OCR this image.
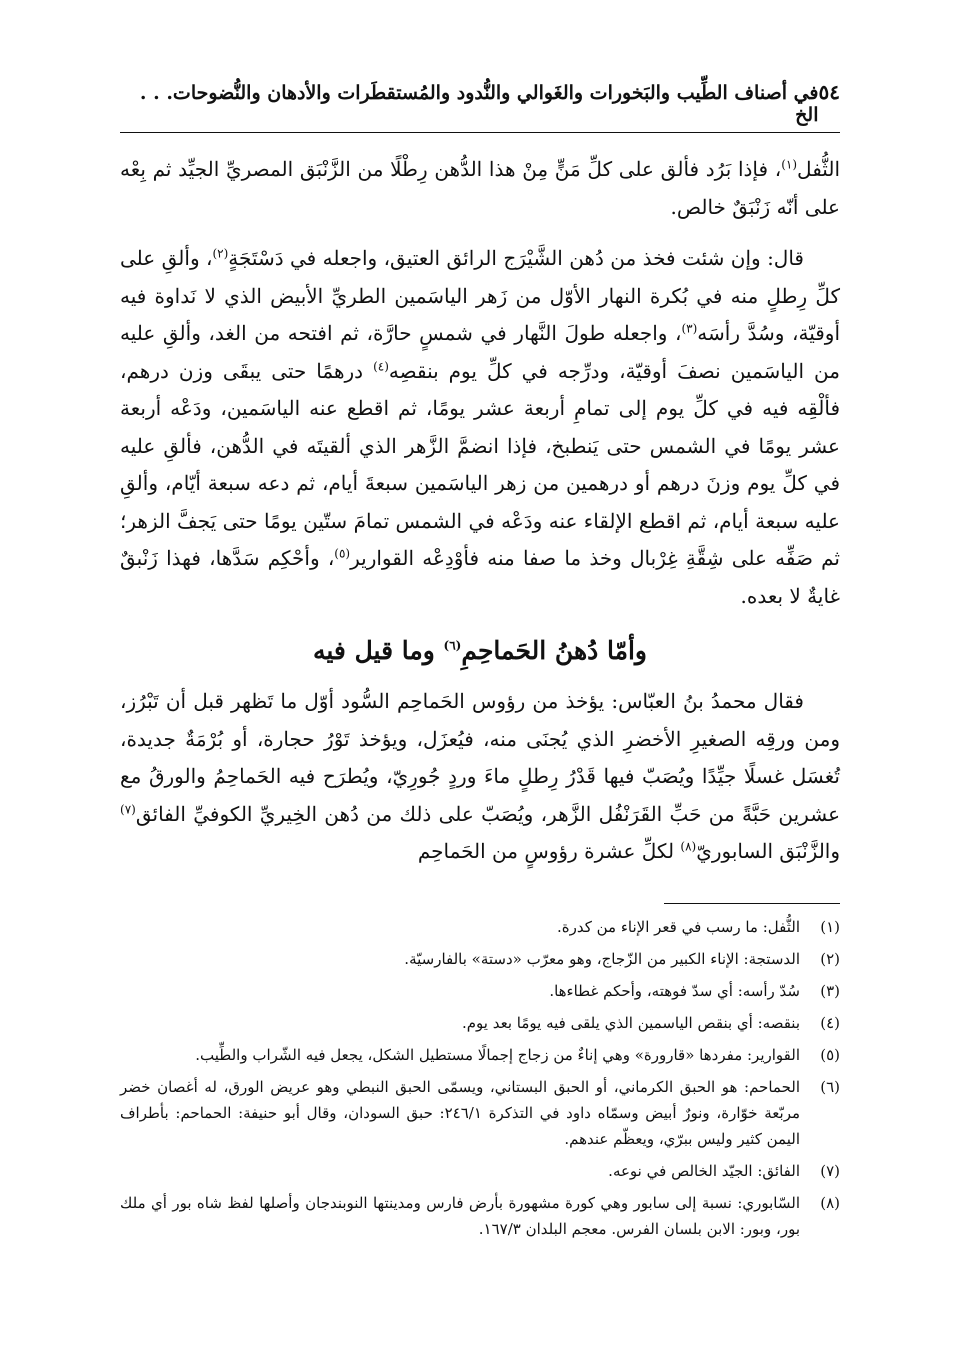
٥٤
في أصناف الطِّيب والبَخورات والغَوالي والنُّدود والمُستقطَرات والأدهان والنُّضوحات. . . الخ

الثُّفل$^{(١)}$، فإذا بَرُد فألق على كلِّ مَنٍّ مِنْ هذا الدُّهن رِطْلًا من الزَّنْبَق المصريِّ الجيِّد ثم بِعْه على أنّه زَنْبَقٌ خالص.

قال: وإن شئت فخذ من دُهن الشَّيْرَج الرائق العتيق، واجعله في دَسْتَجَةٍ$^{(٢)}$، وألقِ على كلِّ رِطلٍ منه في بُكرة النهار الأوّل من زَهر الياسَمين الطريِّ الأبيض الذي لا نَداوة فيه أوقيّة، وسُدَّ رأسَه$^{(٣)}$، واجعله طولَ النَّهار في شمسٍ حارَّة، ثم افتحه من الغد، وألقِ عليه من الياسَمين نصفَ أوقيّة، ودرِّجه في كلِّ يوم بنقصِه$^{(٤)}$ درهمًا حتى يبقَى وزن درهم، فألْقِه فيه في كلِّ يوم إلى تمامِ أربعة عشر يومًا، ثم اقطع عنه الياسَمين، ودَعْه أربعة عشر يومًا في الشمس حتى يَنطبخ، فإذا انضمَّ الزَّهر الذي ألقيتَه في الدُّهن، فألقِ عليه في كلِّ يوم وزنَ درهم أو درهمين من زهر الياسَمين سبعةَ أيام، ثم دعه سبعة أيّام، وألقِ عليه سبعة أيام، ثم اقطع الإلقاء عنه ودَعْه في الشمس تمامَ ستّين يومًا حتى يَجفَّ الزهر؛ ثم صَفِّه على شِقَّةِ غِرْبال وخذ ما صفا منه فأوْدِعْه القوارير$^{(٥)}$، وأحْكِم سَدَّها، فهذا زَنْبقٌ غايةٌ لا بعده.

وأمّا دُهنُ الحَماحِمِ$^{(٦)}$ وما قيل فيه

فقال محمدُ بنُ العبّاس: يؤخذ من رؤوس الحَماحِم السُّود أوّل ما تَظهر قبل أن تَبْرُز، ومن ورقِه الصغيرِ الأخضرِ الذي يُجنَى منه، فيُعزَل، ويؤخذ تَوْرُ حجارة، أو بُرْمَةٌ جديدة، تُغسَل غسلًا جيِّدًا ويُصَبّ فيها قَدْرُ رِطلٍ ماءَ وردٍ جُورِيّ، ويُطرَح فيه الحَماحِمُ والورقُ مع عشرين حَبَّةً من حَبِّ القَرَنْفُل الزَّهر، ويُصَبّ على ذلك من دُهن الخِيريِّ الكوفيِّ الفائق$^{(٧)}$ والزَّنْبَق السابوريّ$^{(٨)}$ لكلِّ عشرة رؤوسٍ من الحَماحِم

(١)
الثُّفل: ما رسب في قعر الإناء من كدرة.
(٢)
الدستجة: الإناء الكبير من الزّجاج، وهو معرّب «دستة» بالفارسيّة.
(٣)
سُدّ رأسه: أي سدّ فوهته، وأحكم غطاءها.
(٤)
بنقصه: أي بنقص الياسمين الذي يلقى فيه يومًا بعد يوم.
(٥)
القوارير: مفردها «قارورة» وهي إناءٌ من زجاج إجمالًا مستطيل الشكل، يجعل فيه الشّراب والطِّيب.
(٦)
الحماحم: هو الحبق الكرماني، أو الحبق البستاني، ويسمّى الحبق النبطي وهو عريض الورق، له أغصان خضر مربّعة خوّارة، ونورٌ أبيض وسمّاه داود في التذكرة ٢٤٦/١: حبق السودان، وقال أبو حنيفة: الحماحم: بأطراف اليمن كثير وليس ببرّي، ويعظّم عندهم.
(٧)
الفائق: الجيّد الخالص في نوعه.
(٨)
السّابوري: نسبة إلى سابور وهي كورة مشهورة بأرض فارس ومدينتها النوبندجان وأصلها لفظ شاه بور أي ملك بور، وبور: الابن بلسان الفرس. معجم البلدان ١٦٧/٣.
